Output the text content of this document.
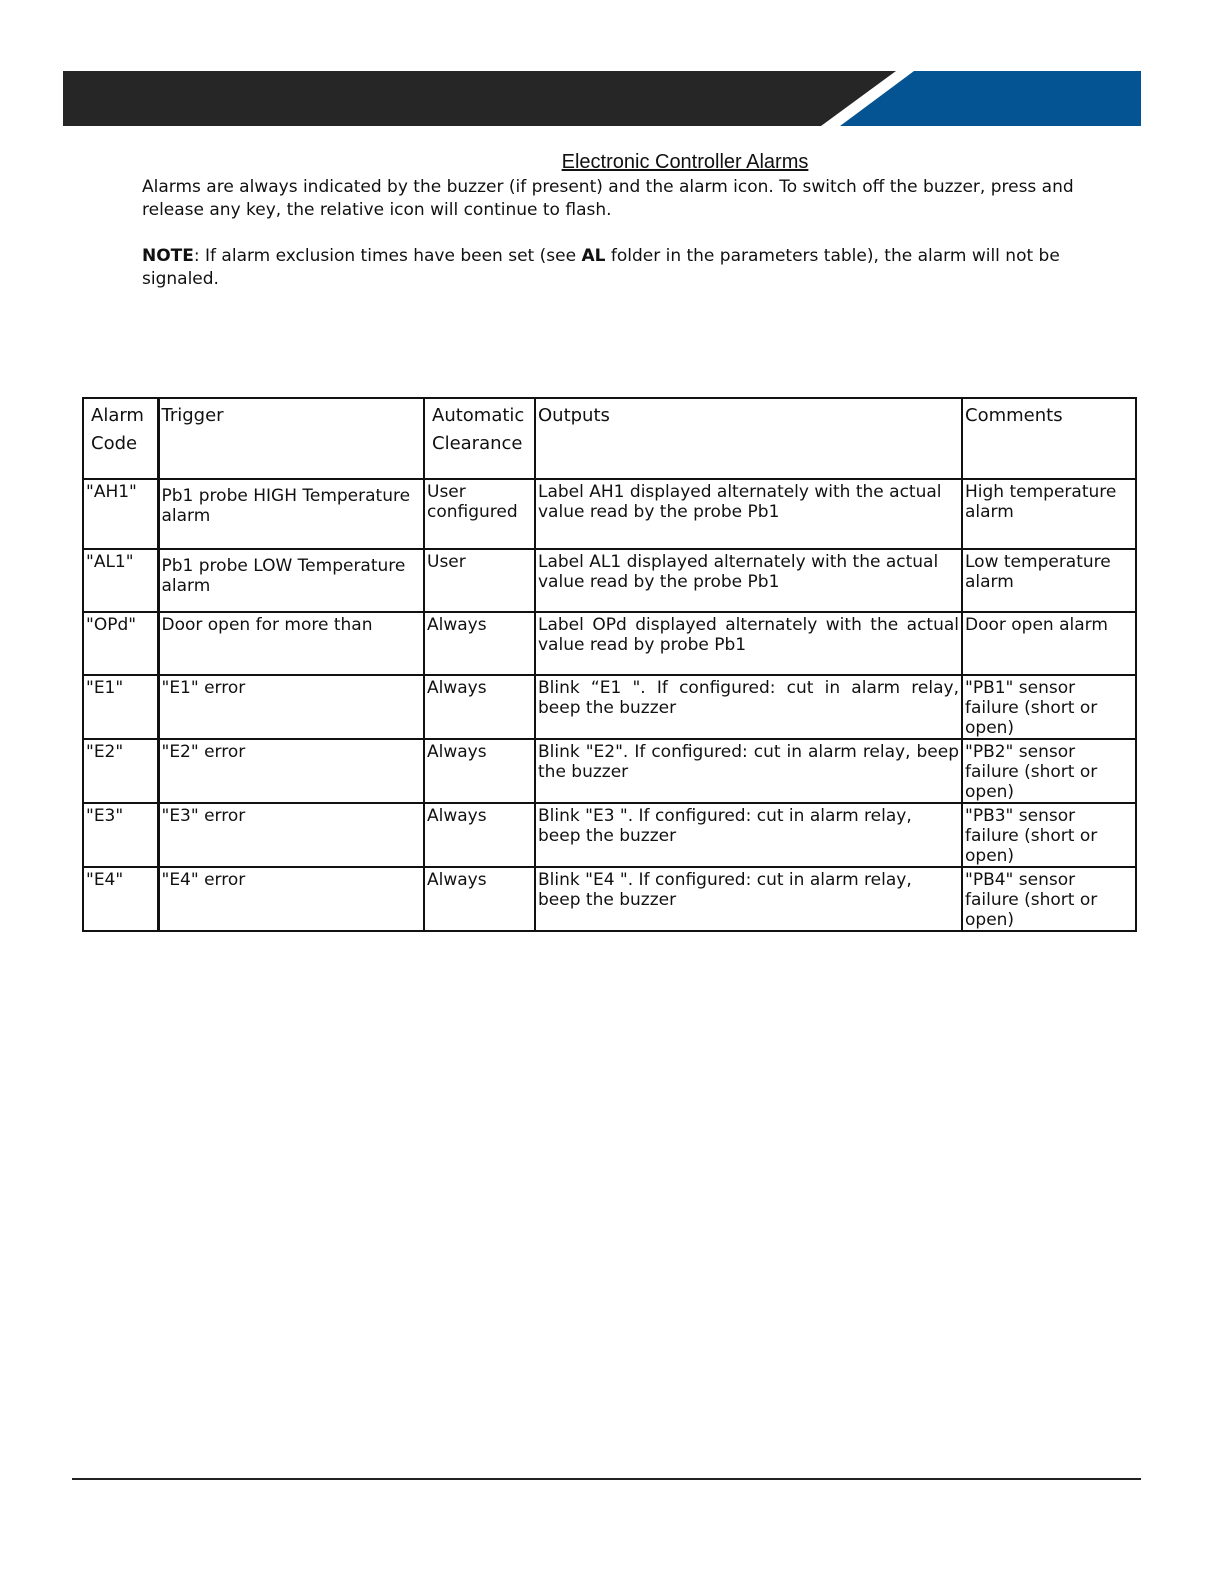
Electronic Controller Alarms

Alarms are always indicated by the buzzer (if present) and the alarm icon. To switch off the buzzer, press and release any key, the relative icon will continue to flash.

NOTE: If alarm exclusion times have been set (see AL folder in the parameters table), the alarm will not be signaled.

Alarm Code	Trigger	Automatic Clearance	Outputs	Comments
"AH1"	Pb1 probe HIGH Temperature alarm	User configured	Label AH1 displayed alternately with the actual value read by the probe Pb1	High temperature alarm
"AL1"	Pb1 probe LOW Temperature alarm	User	Label AL1 displayed alternately with the actual value read by the probe Pb1	Low temperature alarm
"OPd"	Door open for more than	Always	Label OPd displayed alternately with the actual value read by probe Pb1	Door open alarm
"E1"	"E1" error	Always	Blink “E1 ". If configured: cut in alarm relay, beep the buzzer	"PB1" sensor failure (short or open)
"E2"	"E2" error	Always	Blink "E2". If configured: cut in alarm relay, beep the buzzer	"PB2" sensor failure (short or open)
"E3"	"E3" error	Always	Blink "E3 ". If configured: cut in alarm relay, beep the buzzer	"PB3" sensor failure (short or open)
"E4"	"E4" error	Always	Blink "E4 ". If configured: cut in alarm relay, beep the buzzer	"PB4" sensor failure (short or open)
